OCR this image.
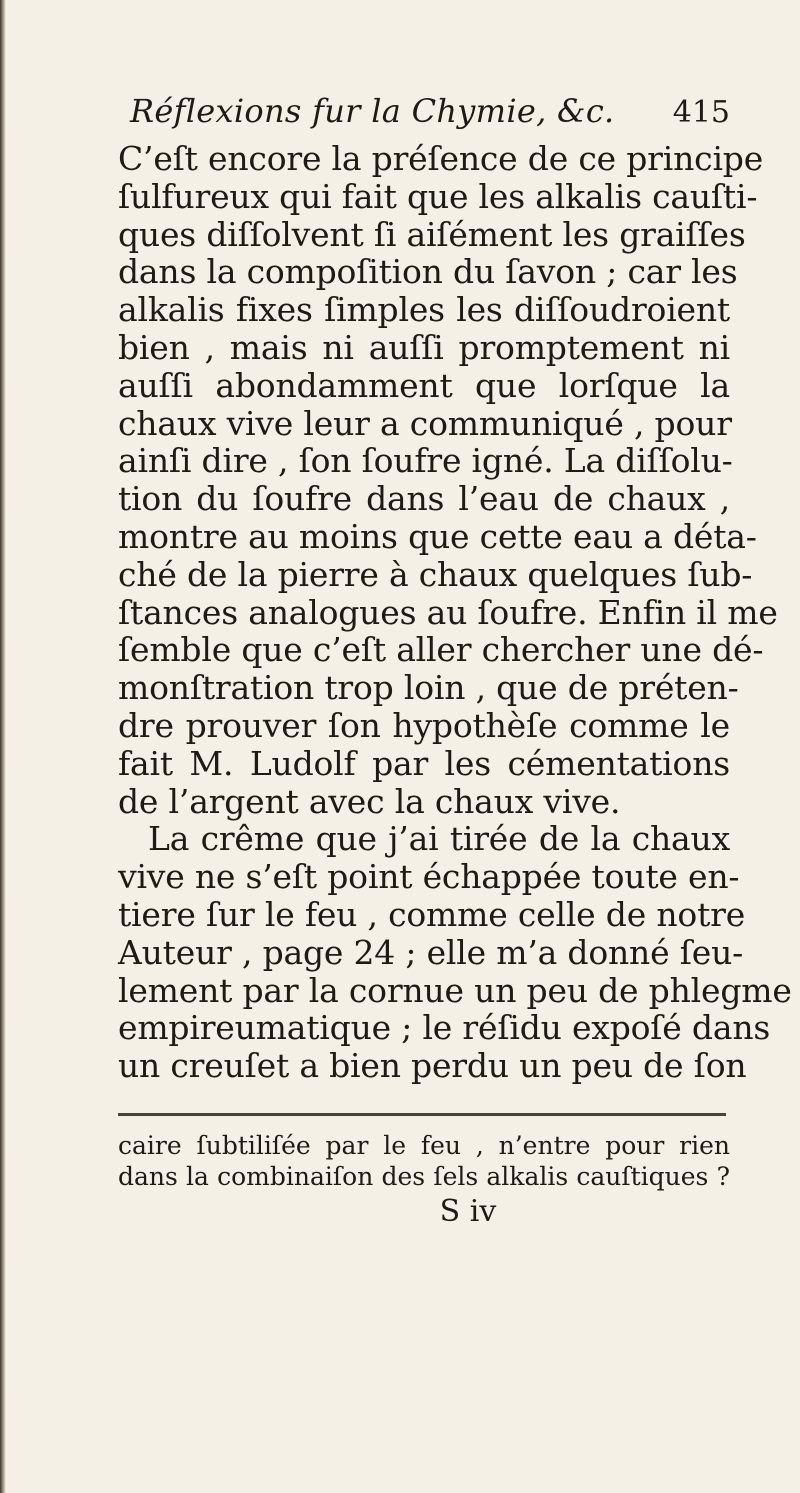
Réflexions fur la Chymie, &c. 415
C’eſt encore la préſence de ce principe
ſulfureux qui fait que les alkalis cauſti-
ques diſſolvent ſi aiſément les graiſſes
dans la compoſition du ſavon ; car les
alkalis fixes ſimples les diſſoudroient
bien , mais ni auſſi promptement ni
auſſi abondamment que lorſque la
chaux vive leur a communiqué , pour
ainſi dire , ſon ſoufre igné. La diſſolu-
tion du ſoufre dans l’eau de chaux ,
montre au moins que cette eau a déta-
ché de la pierre à chaux quelques ſub-
ſtances analogues au ſoufre. Enfin il me
ſemble que c’eſt aller chercher une dé-
monſtration trop loin , que de préten-
dre prouver ſon hypothèſe comme le
fait M. Ludolf par les cémentations
de l’argent avec la chaux vive.
La crême que j’ai tirée de la chaux
vive ne s’eſt point échappée toute en-
tiere ſur le feu , comme celle de notre
Auteur , page 24 ; elle m’a donné ſeu-
lement par la cornue un peu de phlegme
empireumatique ; le réſidu expoſé dans
un creuſet a bien perdu un peu de ſon
caire ſubtiliſée par le feu , n’entre pour rien
dans la combinaiſon des ſels alkalis cauſtiques ?
S iv
